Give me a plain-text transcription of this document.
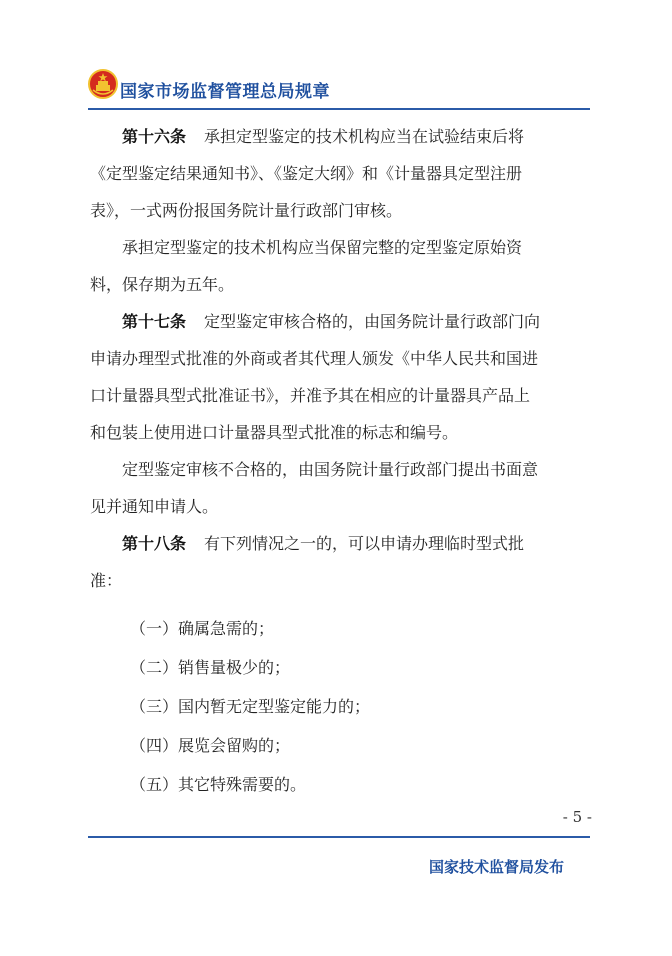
国家市场监督管理总局规章
第十六条 承担定型鉴定的技术机构应当在试验结束后将
《定型鉴定结果通知书》、《鉴定大纲》和《计量器具定型注册
表》，一式两份报国务院计量行政部门审核。
承担定型鉴定的技术机构应当保留完整的定型鉴定原始资
料，保存期为五年。
第十七条 定型鉴定审核合格的，由国务院计量行政部门向
申请办理型式批准的外商或者其代理人颁发《中华人民共和国进
口计量器具型式批准证书》，并准予其在相应的计量器具产品上
和包装上使用进口计量器具型式批准的标志和编号。
定型鉴定审核不合格的，由国务院计量行政部门提出书面意
见并通知申请人。
第十八条 有下列情况之一的，可以申请办理临时型式批
准：
（一）确属急需的；
（二）销售量极少的；
（三）国内暂无定型鉴定能力的；
（四）展览会留购的；
（五）其它特殊需要的。
- 5 -
国家技术监督局发布
